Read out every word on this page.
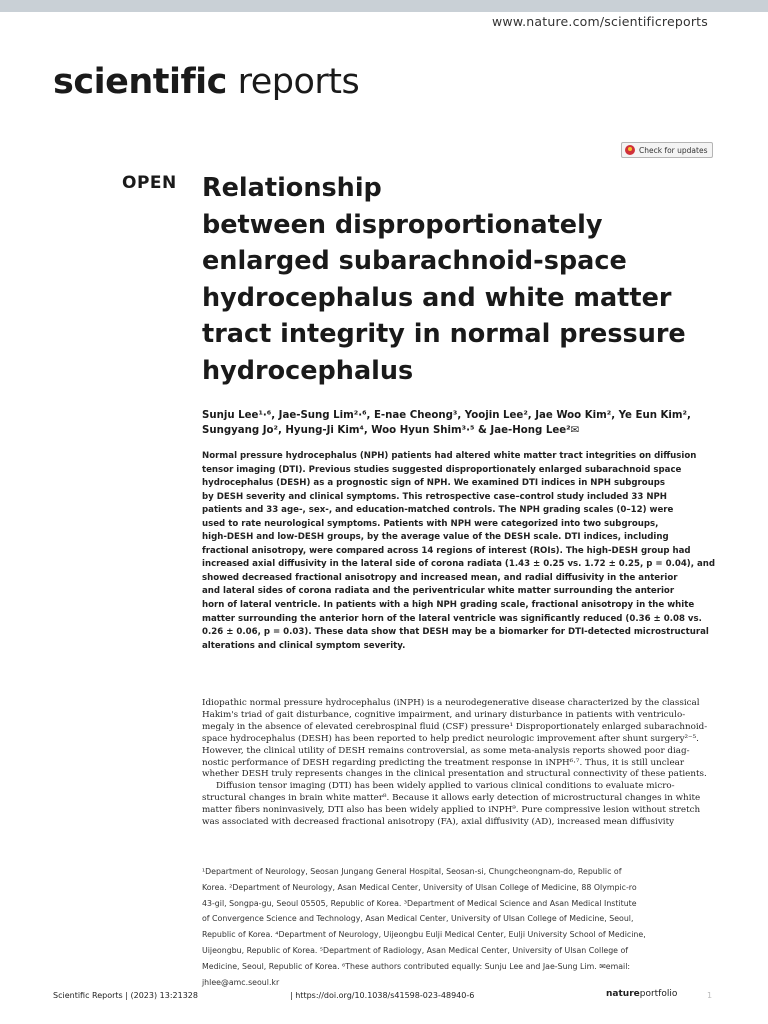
www.nature.com/scientificreports
scientific reports
Check for updates
OPEN Relationship
between disproportionately
enlarged subarachnoid-space
hydrocephalus and white matter
tract integrity in normal pressure
hydrocephalus
Sunju Lee¹·⁶, Jae-Sung Lim²·⁶, E-nae Cheong³, Yoojin Lee², Jae Woo Kim², Ye Eun Kim²,
Sungyang Jo², Hyung-Ji Kim⁴, Woo Hyun Shim³·⁵ & Jae-Hong Lee²✉
Normal pressure hydrocephalus (NPH) patients had altered white matter tract integrities on diffusion
tensor imaging (DTI). Previous studies suggested disproportionately enlarged subarachnoid space
hydrocephalus (DESH) as a prognostic sign of NPH. We examined DTI indices in NPH subgroups
by DESH severity and clinical symptoms. This retrospective case–control study included 33 NPH
patients and 33 age-, sex-, and education-matched controls. The NPH grading scales (0–12) were
used to rate neurological symptoms. Patients with NPH were categorized into two subgroups,
high-DESH and low-DESH groups, by the average value of the DESH scale. DTI indices, including
fractional anisotropy, were compared across 14 regions of interest (ROIs). The high-DESH group had
increased axial diffusivity in the lateral side of corona radiata (1.43 ± 0.25 vs. 1.72 ± 0.25, p = 0.04), and
showed decreased fractional anisotropy and increased mean, and radial diffusivity in the anterior
and lateral sides of corona radiata and the periventricular white matter surrounding the anterior
horn of lateral ventricle. In patients with a high NPH grading scale, fractional anisotropy in the white
matter surrounding the anterior horn of the lateral ventricle was significantly reduced (0.36 ± 0.08 vs.
0.26 ± 0.06, p = 0.03). These data show that DESH may be a biomarker for DTI-detected microstructural
alterations and clinical symptom severity.
Idiopathic normal pressure hydrocephalus (iNPH) is a neurodegenerative disease characterized by the classical
Hakim's triad of gait disturbance, cognitive impairment, and urinary disturbance in patients with ventriculo-
megaly in the absence of elevated cerebrospinal fluid (CSF) pressure¹ Disproportionately enlarged subarachnoid-
space hydrocephalus (DESH) has been reported to help predict neurologic improvement after shunt surgery²⁻⁵.
However, the clinical utility of DESH remains controversial, as some meta-analysis reports showed poor diag-
nostic performance of DESH regarding predicting the treatment response in iNPH⁶·⁷. Thus, it is still unclear
whether DESH truly represents changes in the clinical presentation and structural connectivity of these patients.
Diffusion tensor imaging (DTI) has been widely applied to various clinical conditions to evaluate micro-
structural changes in brain white matter⁸. Because it allows early detection of microstructural changes in white
matter fibers noninvasively, DTI also has been widely applied to iNPH⁹. Pure compressive lesion without stretch
was associated with decreased fractional anisotropy (FA), axial diffusivity (AD), increased mean diffusivity
¹Department of Neurology, Seosan Jungang General Hospital, Seosan-si, Chungcheongnam-do, Republic of
Korea. ²Department of Neurology, Asan Medical Center, University of Ulsan College of Medicine, 88 Olympic-ro
43-gil, Songpa-gu, Seoul 05505, Republic of Korea. ³Department of Medical Science and Asan Medical Institute
of Convergence Science and Technology, Asan Medical Center, University of Ulsan College of Medicine, Seoul,
Republic of Korea. ⁴Department of Neurology, Uijeongbu Eulji Medical Center, Eulji University School of Medicine,
Uijeongbu, Republic of Korea. ⁵Department of Radiology, Asan Medical Center, University of Ulsan College of
Medicine, Seoul, Republic of Korea. ⁶These authors contributed equally: Sunju Lee and Jae-Sung Lim. ✉email:
jhlee@amc.seoul.kr
Scientific Reports | (2023) 13:21328	| https://doi.org/10.1038/s41598-023-48940-6	natureportfolio	1
